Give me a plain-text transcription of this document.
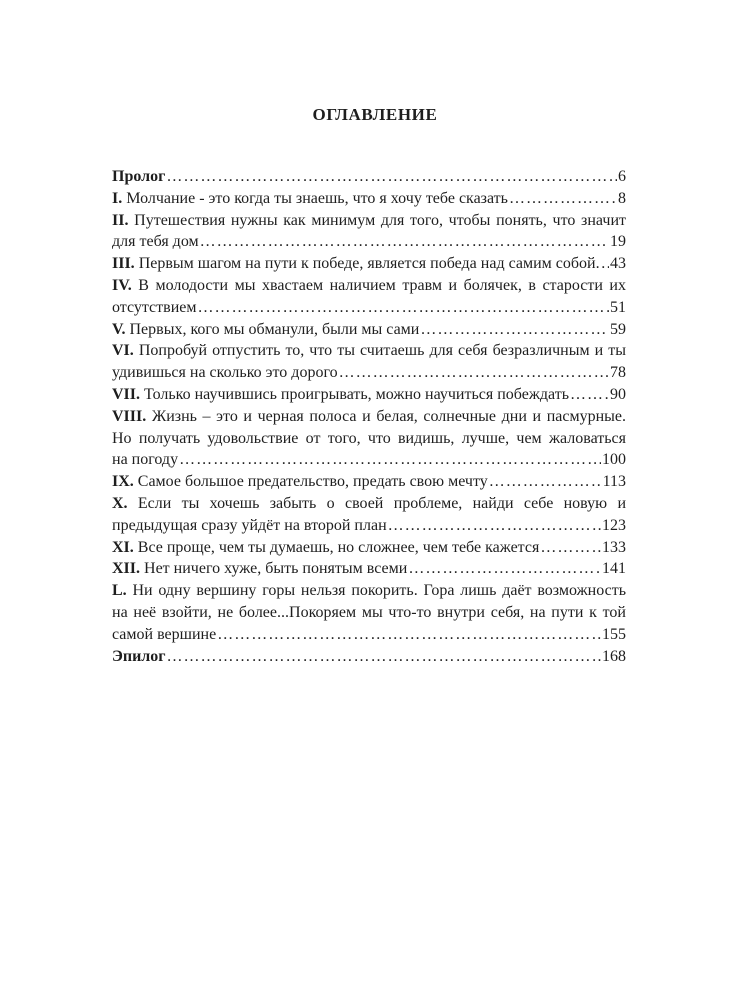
ОГЛАВЛЕНИЕ
Пролог ………………………………………………………………………………………………………………………………………………………………………………………………………	6
I. Молчание - это когда ты знаешь, что я хочу тебе сказать ………………………………………………………………………………………………………………………………………………………………………………………………………	8
II. Путешествия нужны как минимум для того, чтобы понять, что значит
для тебя дом ………………………………………………………………………………………………………………………………………………………………………………………………………	19
III. Первым шагом на пути к победе, является победа над самим собой. ……………………………………………………………………………………………………………………………………………………………………………………………………… 43
IV. В молодости мы хвастаем наличием травм и болячек, в старости их
отсутствием ………………………………………………………………………………………………………………………………………………………………………………………………………	51
V. Первых, кого мы обманули, были мы сами ………………………………………………………………………………………………………………………………………………………………………………………………………	59
VI. Попробуй отпустить то, что ты считаешь для себя безразличным и ты
удивишься на сколько это дорого ………………………………………………………………………………………………………………………………………………………………………………………………………	78
VII. Только научившись проигрывать, можно научиться побеждать ………………………………………………………………………………………………………………………………………………………………………………………………………	90
VIII. Жизнь – это и черная полоса и белая, солнечные дни и пасмурные.
Но получать удовольствие от того, что видишь, лучше, чем жаловаться
на погоду ………………………………………………………………………………………………………………………………………………………………………………………………………	100
IX. Самое большое предательство, предать свою мечту ………………………………………………………………………………………………………………………………………………………………………………………………………	113
X. Если ты хочешь забыть о своей проблеме, найди себе новую и
предыдущая сразу уйдёт на второй план ………………………………………………………………………………………………………………………………………………………………………………………………………	123
XI. Все проще, чем ты думаешь, но сложнее, чем тебе кажется ………………………………………………………………………………………………………………………………………………………………………………………………………	133
XII. Нет ничего хуже, быть понятым всеми ………………………………………………………………………………………………………………………………………………………………………………………………………	141
L. Ни одну вершину горы нельзя покорить. Гора лишь даёт возможность
на неё взойти, не более...Покоряем мы что-то внутри себя, на пути к той
самой вершине ………………………………………………………………………………………………………………………………………………………………………………………………………	155
Эпилог ………………………………………………………………………………………………………………………………………………………………………………………………………	168
